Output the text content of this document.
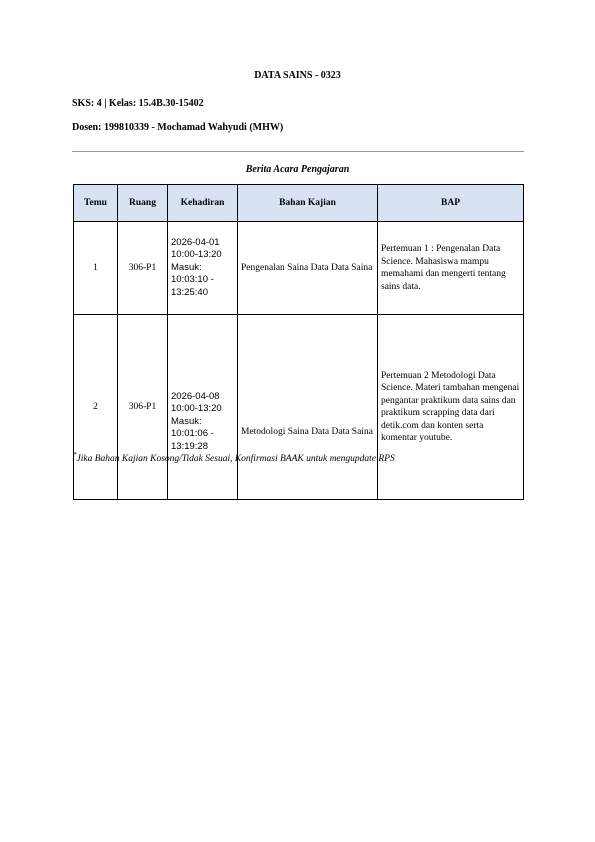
DATA SAINS - 0323
SKS: 4 | Kelas: 15.4B.30-15402
Dosen: 199810339 - Mochamad Wahyudi (MHW)
Berita Acara Pengajaran
Temu	Ruang	Kehadiran	Bahan Kajian	BAP
1	306-P1	2026-04-01
10:00-13:20
Masuk:
10:03:10 -
13:25:40	Pengenalan Saina Data Data Saina	Pertemuan 1 : Pengenalan Data Science. Mahasiswa mampu memahami dan mengerti tentang sains data.
2	306-P1	2026-04-08
10:00-13:20
Masuk:
10:01:06 -
13:19:28	Metodologi Saina Data Data Saina	Pertemuan 2 Metodologi Data Science. Materi tambahan mengenai pengantar praktikum data sains dan praktikum scrapping data dari detik.com dan konten serta komentar youtube.
*Jika Bahan Kajian Kosong/Tidak Sesuai, Konfirmasi BAAK untuk mengupdate RPS
